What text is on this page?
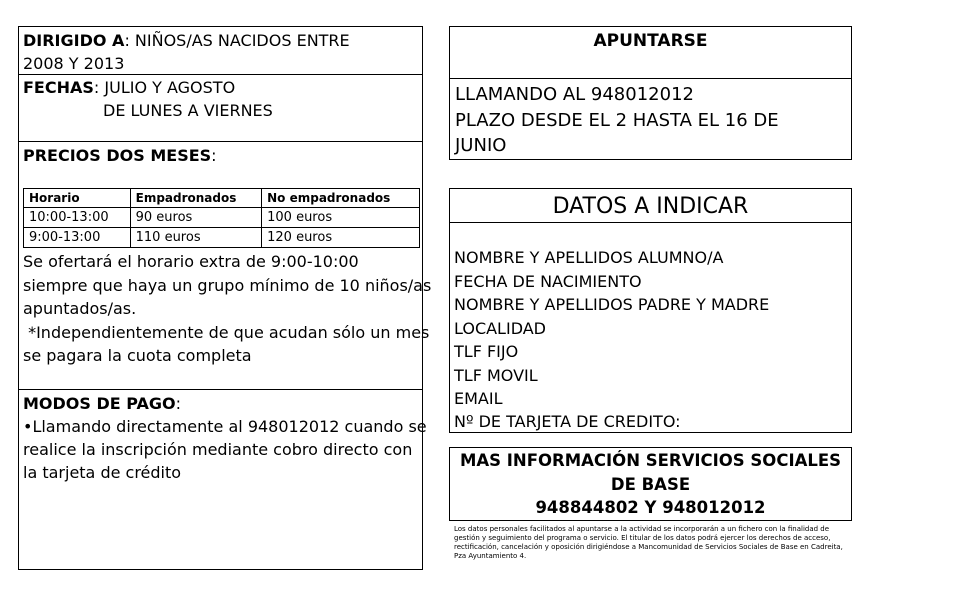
DIRIGIDO A: NIÑOS/AS NACIDOS ENTRE
2008 Y 2013
FECHAS: JULIO Y AGOSTO
DE LUNES A VIERNES
PRECIOS DOS MESES:
Horario	Empadronados	No empadronados
10:00-13:00	90 euros	100 euros
9:00-13:00	110 euros	120 euros
Se ofertará el horario extra de 9:00-10:00
siempre que haya un grupo mínimo de 10 niños/as
apuntados/as.
*Independientemente de que acudan sólo un mes
se pagara la cuota completa
MODOS DE PAGO:
•Llamando directamente al 948012012 cuando se
realice la inscripción mediante cobro directo con
la tarjeta de crédito
APUNTARSE
LLAMANDO AL 948012012
PLAZO DESDE EL 2 HASTA EL 16 DE
JUNIO
DATOS A INDICAR
NOMBRE Y APELLIDOS ALUMNO/A
FECHA DE NACIMIENTO
NOMBRE Y APELLIDOS PADRE Y MADRE
LOCALIDAD
TLF FIJO
TLF MOVIL
EMAIL
Nº DE TARJETA DE CREDITO:
MAS INFORMACIÓN SERVICIOS SOCIALES
DE BASE
948844802 Y 948012012
Los datos personales facilitados al apuntarse a la actividad se incorporarán a un fichero con la finalidad de gestión y seguimiento del programa o servicio. El titular de los datos podrá ejercer los derechos de acceso, rectificación, cancelación y oposición dirigiéndose a Mancomunidad de Servicios Sociales de Base en Cadreita, Pza Ayuntamiento 4.
